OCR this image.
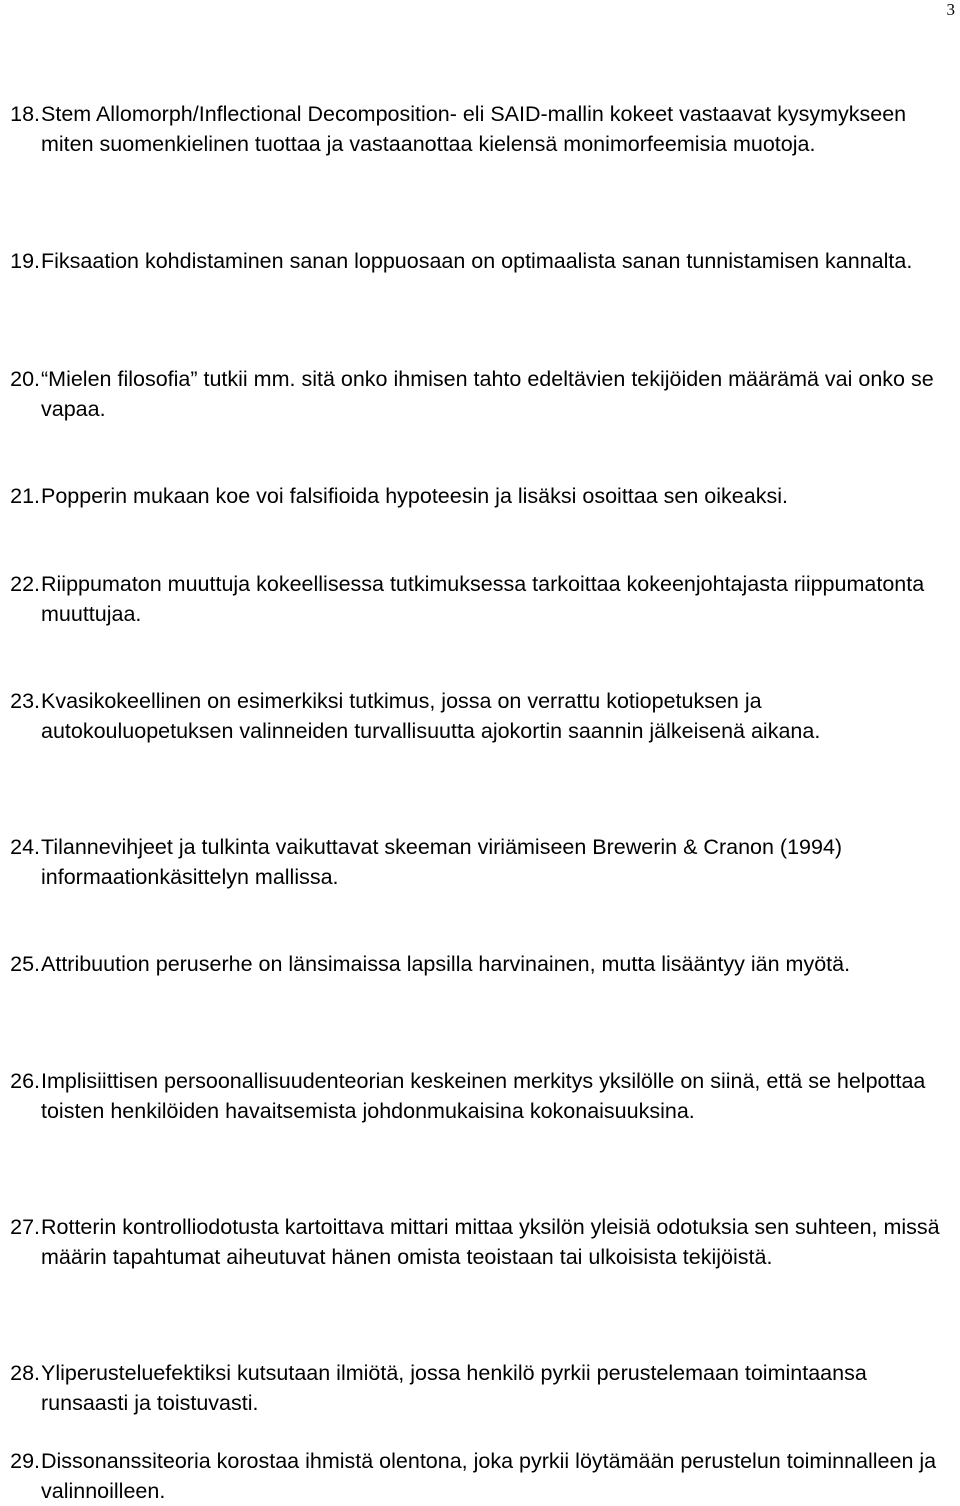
3
18. Stem Allomorph/Inflectional Decomposition- eli SAID-mallin kokeet vastaavat kysymykseen miten suomenkielinen tuottaa ja vastaanottaa kielensä monimorfeemisia muotoja.
19. Fiksaation kohdistaminen sanan loppuosaan on optimaalista sanan tunnistamisen kannalta.
20. “Mielen filosofia” tutkii mm. sitä onko ihmisen tahto edeltävien tekijöiden määrämä vai onko se vapaa.
21. Popperin mukaan koe voi falsifioida hypoteesin ja lisäksi osoittaa sen oikeaksi.
22. Riippumaton muuttuja kokeellisessa tutkimuksessa tarkoittaa kokeenjohtajasta riippumatonta muuttujaa.
23. Kvasikokeellinen on esimerkiksi tutkimus, jossa on verrattu kotiopetuksen ja autokouluopetuksen valinneiden turvallisuutta ajokortin saannin jälkeisenä aikana.
24. Tilannevihjeet ja tulkinta vaikuttavat skeeman viriämiseen Brewerin & Cranon (1994) informaationkäsittelyn mallissa.
25. Attribuution peruserhe on länsimaissa lapsilla harvinainen, mutta lisääntyy iän myötä.
26. Implisiittisen persoonallisuudenteorian keskeinen merkitys yksilölle on siinä, että se helpottaa toisten henkilöiden havaitsemista johdonmukaisina kokonaisuuksina.
27. Rotterin kontrolliodotusta kartoittava mittari mittaa yksilön yleisiä odotuksia sen suhteen, missä määrin tapahtumat aiheutuvat hänen omista teoistaan tai ulkoisista tekijöistä.
28. Yliperusteluefektiksi kutsutaan ilmiötä, jossa henkilö pyrkii perustelemaan toimintaansa runsaasti ja toistuvasti.
29. Dissonanssiteoria korostaa ihmistä olentona, joka pyrkii löytämään perustelun toiminnalleen ja valinnoilleen.
